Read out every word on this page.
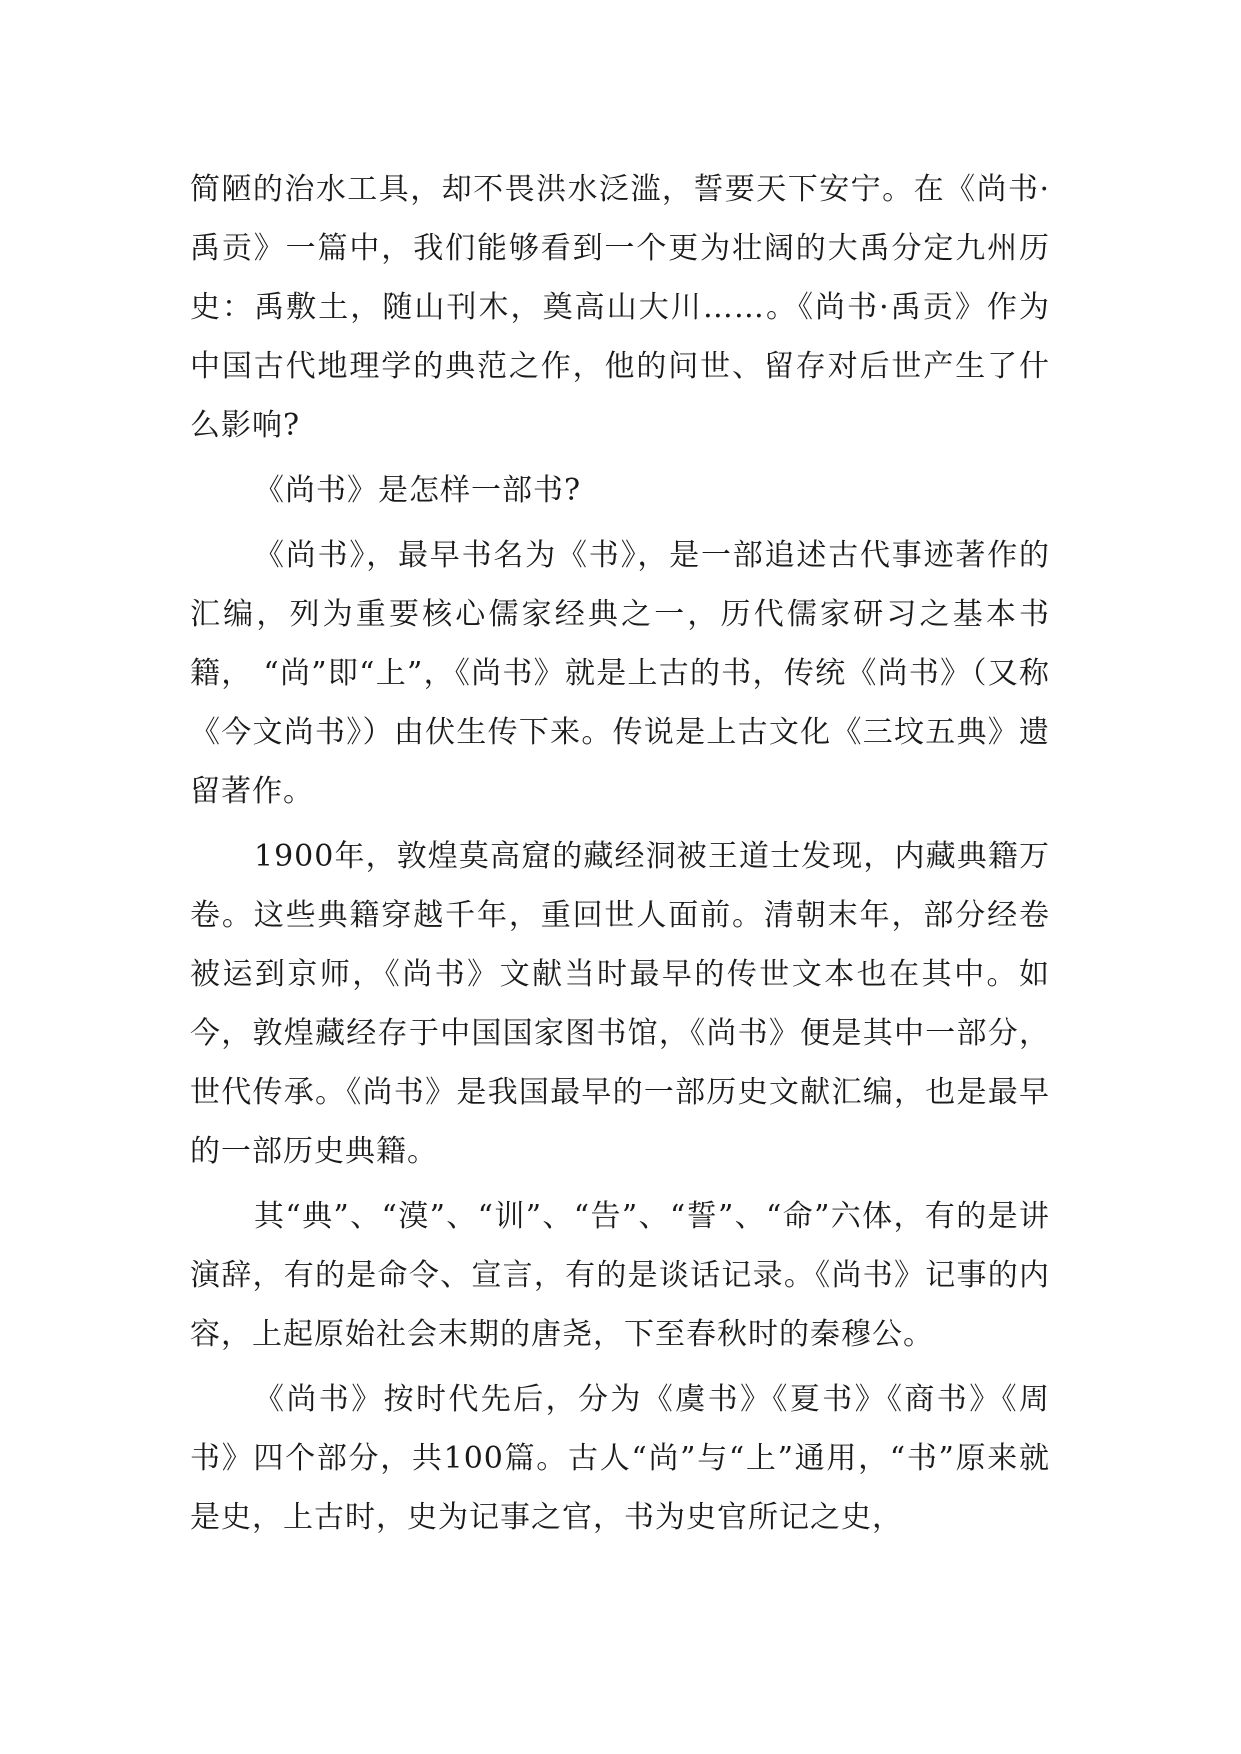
简陋的治水工具，却不畏洪水泛滥，誓要天下安宁。在《尚书·禹贡》一篇中，我们能够看到一个更为壮阔的大禹分定九州历史：禹敷土，随山刊木，奠高山大川……。《尚书·禹贡》作为中国古代地理学的典范之作，他的问世、留存对后世产生了什么影响?

《尚书》是怎样一部书?

《尚书》，最早书名为《书》，是一部追述古代事迹著作的汇编，列为重要核心儒家经典之一，历代儒家研习之基本书籍， “尚”即“上”，《尚书》就是上古的书，传统《尚书》（又称《今文尚书》）由伏生传下来。传说是上古文化《三坟五典》遗留著作。

1900年，敦煌莫高窟的藏经洞被王道士发现，内藏典籍万卷。这些典籍穿越千年，重回世人面前。清朝末年，部分经卷被运到京师，《尚书》文献当时最早的传世文本也在其中。如今，敦煌藏经存于中国国家图书馆，《尚书》便是其中一部分，世代传承。《尚书》是我国最早的一部历史文献汇编，也是最早的一部历史典籍。

其“典”、“漠”、“训”、“告”、“誓”、“命”六体，有的是讲演辞，有的是命令、宣言，有的是谈话记录。《尚书》记事的内容，上起原始社会末期的唐尧，下至春秋时的秦穆公。

《尚书》按时代先后，分为《虞书》《夏书》《商书》《周书》四个部分，共100篇。古人“尚”与“上”通用，“书”原来就是史，上古时，史为记事之官，书为史官所记之史，
